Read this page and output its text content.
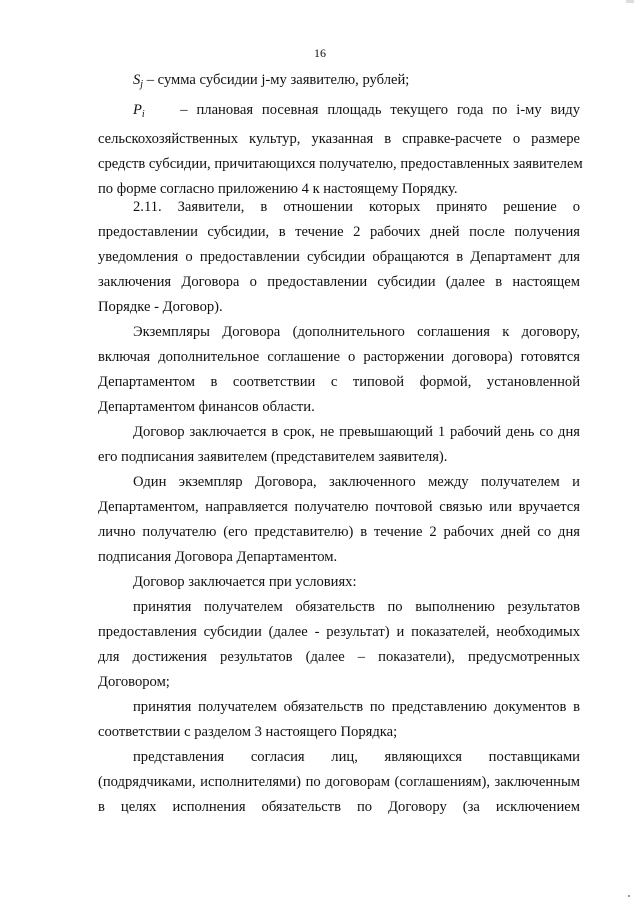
16
$S_j$ – сумма субсидии j-му заявителю, рублей;
$P_i$ – плановая посевная площадь текущего года по i-му виду
сельскохозяйственных культур, указанная в справке-расчете о размере
средств субсидии, причитающихся получателю, предоставленных заявителем
по форме согласно приложению 4 к настоящему Порядку.
2.11. Заявители, в отношении которых принято решение о
предоставлении субсидии, в течение 2 рабочих дней после получения
уведомления о предоставлении субсидии обращаются в Департамент для
заключения Договора о предоставлении субсидии (далее в настоящем
Порядке - Договор).
Экземпляры Договора (дополнительного соглашения к договору,
включая дополнительное соглашение о расторжении договора) готовятся
Департаментом в соответствии с типовой формой, установленной
Департаментом финансов области.
Договор заключается в срок, не превышающий 1 рабочий день со дня
его подписания заявителем (представителем заявителя).
Один экземпляр Договора, заключенного между получателем и
Департаментом, направляется получателю почтовой связью или вручается
лично получателю (его представителю) в течение 2 рабочих дней со дня
подписания Договора Департаментом.
Договор заключается при условиях:
принятия получателем обязательств по выполнению результатов
предоставления субсидии (далее - результат) и показателей, необходимых
для достижения результатов (далее – показатели), предусмотренных
Договором;
принятия получателем обязательств по представлению документов в
соответствии с разделом 3 настоящего Порядка;
представления согласия лиц, являющихся поставщиками
(подрядчиками, исполнителями) по договорам (соглашениям), заключенным
в целях исполнения обязательств по Договору (за исключением
